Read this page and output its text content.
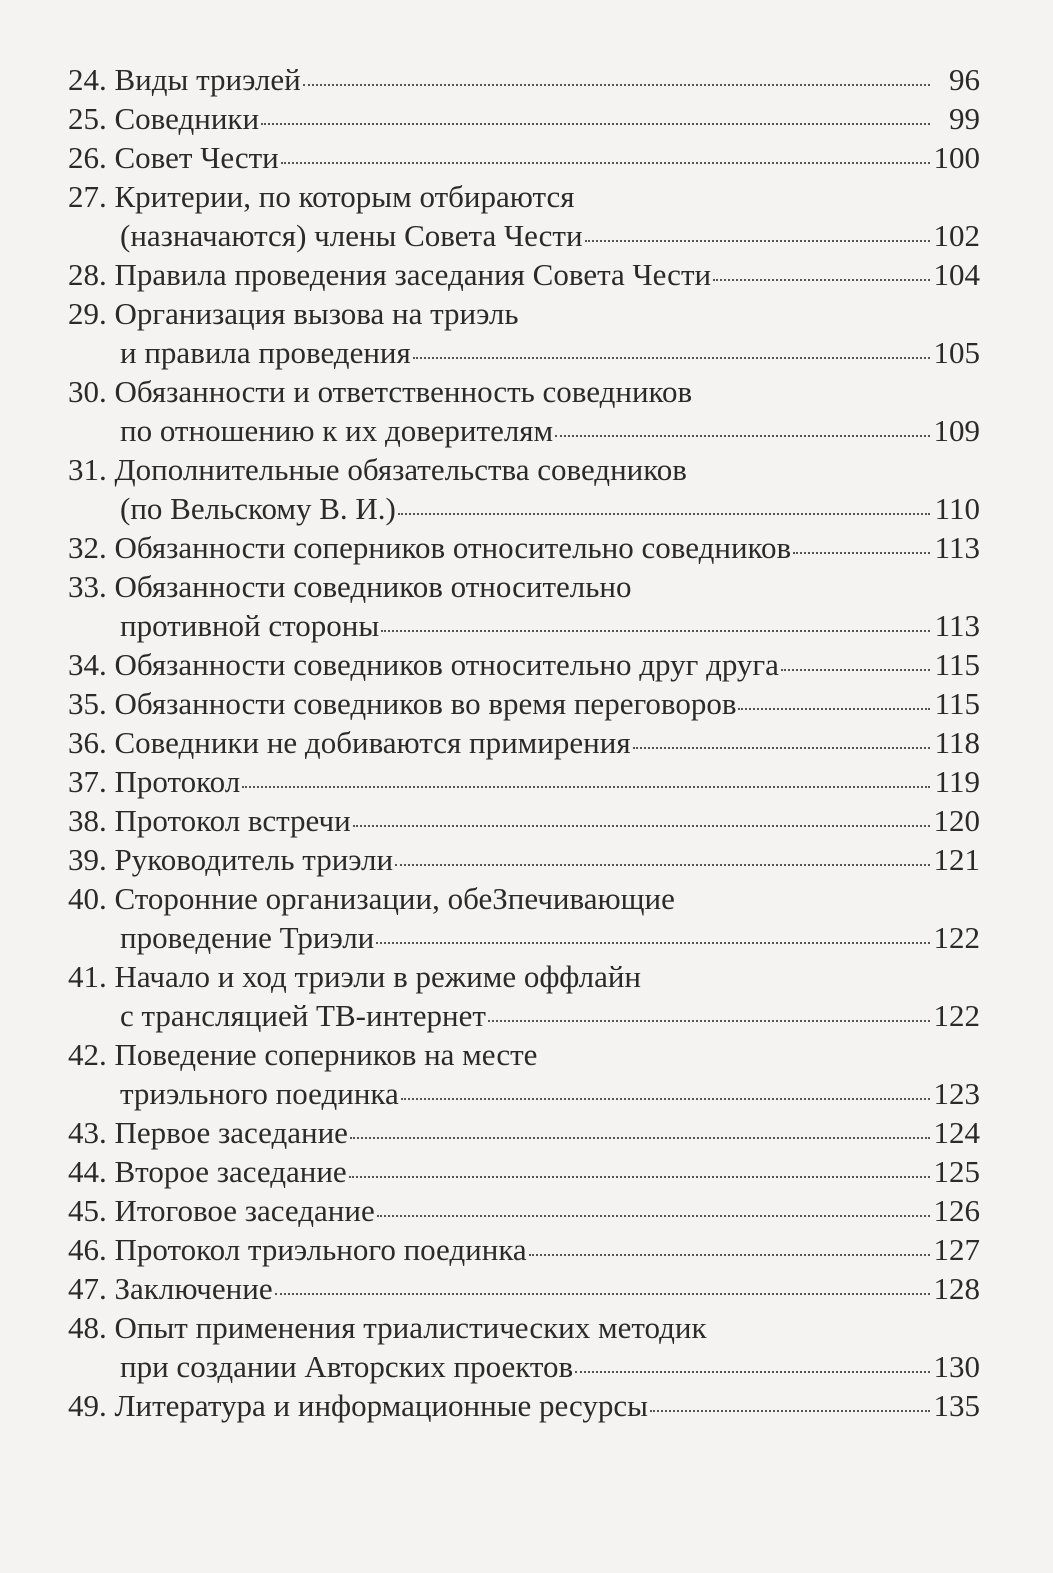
24.
Виды триэлей	96
25.
Соведники	99
26.
Совет Чести	100
27.
Критерии, по которым отбираются
(назначаются) члены Совета Чести	102
28.
Правила проведения заседания Совета Чести	104
29.
Организация вызова на триэль
и правила проведения	105
30.
Обязанности и ответственность соведников
по отношению к их доверителям	109
31.
Дополнительные обязательства соведников
(по Вельскому В. И.)	110
32.
Обязанности соперников относительно соведников	113
33.
Обязанности соведников относительно
противной стороны	113
34.
Обязанности соведников относительно друг друга	115
35.
Обязанности соведников во время переговоров	115
36.
Соведники не добиваются примирения	118
37.
Протокол	119
38.
Протокол встречи	120
39.
Руководитель триэли	121
40.
Сторонние организации, обеЗпечивающие
проведение Триэли	122
41.
Начало и ход триэли в режиме оффлайн
с трансляцией ТВ-интернет	122
42.
Поведение соперников на месте
триэльного поединка	123
43.
Первое заседание	124
44.
Второе заседание	125
45.
Итоговое заседание	126
46.
Протокол триэльного поединка	127
47.
Заключение	128
48.
Опыт применения триалистических методик
при создании Авторских проектов	130
49.
Литература и информационные ресурсы	135
